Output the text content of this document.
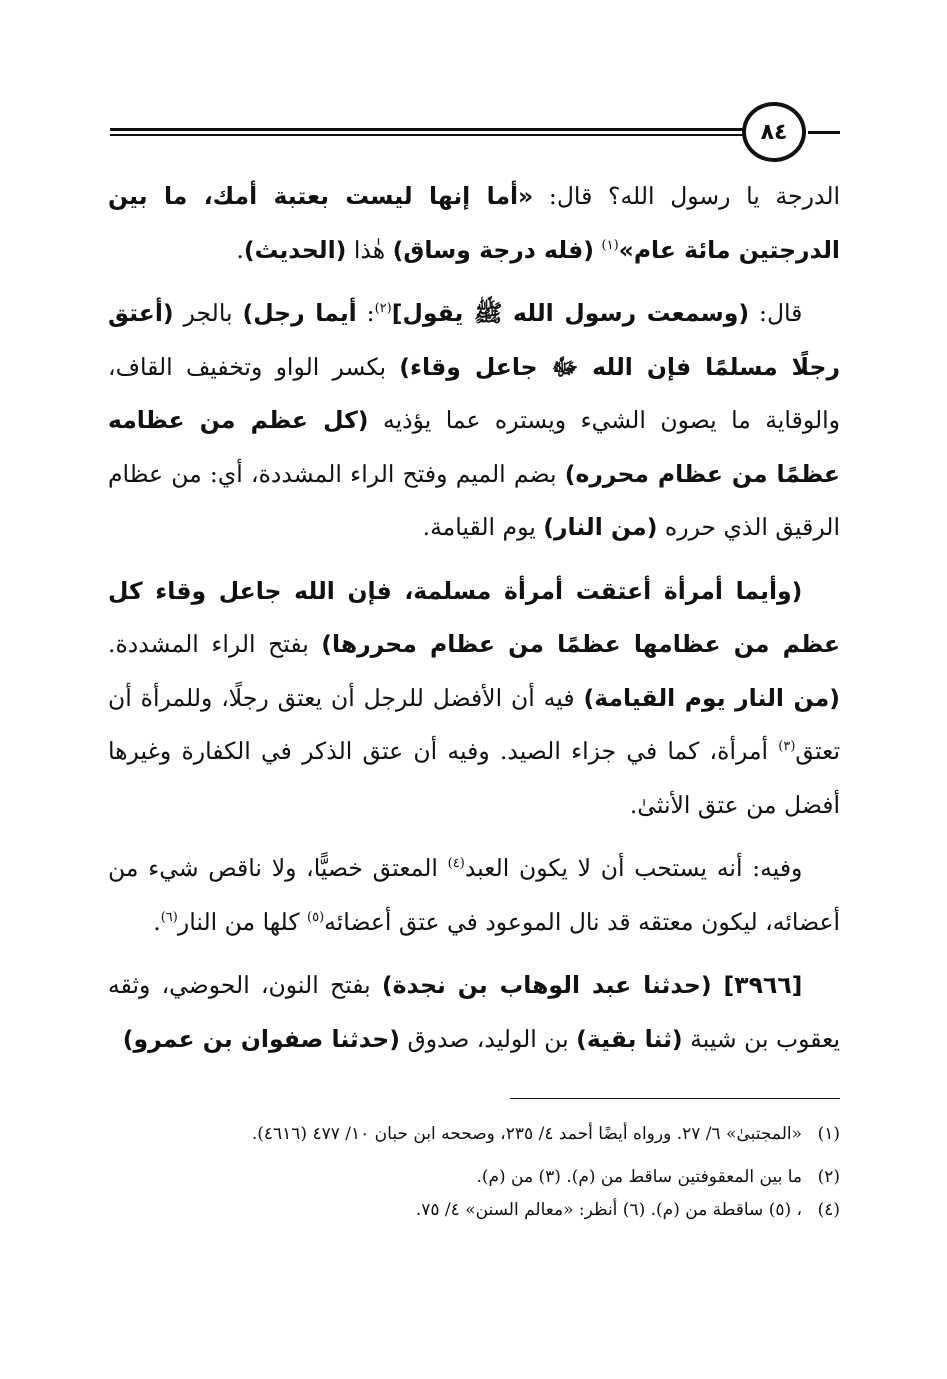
٨٤

الدرجة يا رسول الله؟ قال: «أما إنها ليست بعتبة أمك، ما بين الدرجتين مائة عام»$^{(١)}$ (فله درجة وساق) هٰذا (الحديث).

قال: (وسمعت رسول الله ﷺ يقول]$^{(٢)}$: أيما رجل) بالجر (أعتق رجلًا مسلمًا فإن الله ﷻ جاعل وقاء) بكسر الواو وتخفيف القاف، والوقاية ما يصون الشيء ويستره عما يؤذيه (كل عظم من عظامه عظمًا من عظام محرره) بضم الميم وفتح الراء المشددة، أي: من عظام الرقيق الذي حرره (من النار) يوم القيامة.

(وأيما أمرأة أعتقت أمرأة مسلمة، فإن الله جاعل وقاء كل عظم من عظامها عظمًا من عظام محررها) بفتح الراء المشددة. (من النار يوم القيامة) فيه أن الأفضل للرجل أن يعتق رجلًا، وللمرأة أن تعتق$^{(٣)}$ أمرأة، كما في جزاء الصيد. وفيه أن عتق الذكر في الكفارة وغيرها أفضل من عتق الأنثىٰ.

وفيه: أنه يستحب أن لا يكون العبد$^{(٤)}$ المعتق خصيًّا، ولا ناقص شيء من أعضائه، ليكون معتقه قد نال الموعود في عتق أعضائه$^{(٥)}$ كلها من النار$^{(٦)}$.

[٣٩٦٦] (حدثنا عبد الوهاب بن نجدة) بفتح النون، الحوضي، وثقه يعقوب بن شيبة (ثنا بقية) بن الوليد، صدوق (حدثنا صفوان بن عمرو)

(١)
«المجتبىٰ» ٦/ ٢٧. ورواه أيضًا أحمد ٤/ ٢٣٥، وصححه ابن حبان ١٠/ ٤٧٧ (٤٦١٦).
(٢)
ما بين المعقوفتين ساقط من (م). (٣) من (م).
(٤)
، (٥) ساقطة من (م). (٦) أنظر: «معالم السنن» ٤/ ٧٥.
